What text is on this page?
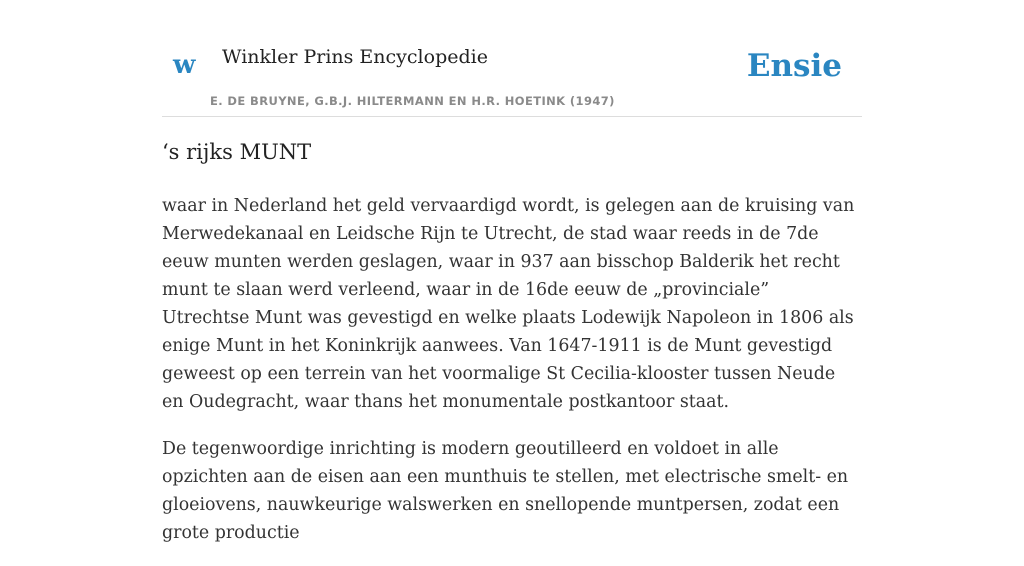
w Winkler Prins Encyclopedie
E. DE BRUYNE, G.B.J. HILTERMANN EN H.R. HOETINK (1947)
Ensie
‘s rijks MUNT

waar in Nederland het geld vervaardigd wordt, is gelegen aan de kruising van Merwedekanaal en Leidsche Rijn te Utrecht, de stad waar reeds in de 7de eeuw munten werden geslagen, waar in 937 aan bisschop Balderik het recht munt te slaan werd verleend, waar in de 16de eeuw de „provinciale” Utrechtse Munt was gevestigd en welke plaats Lodewijk Napoleon in 1806 als enige Munt in het Koninkrijk aanwees. Van 1647-1911 is de Munt gevestigd geweest op een terrein van het voormalige St Cecilia-klooster tussen Neude en Oudegracht, waar thans het monumentale postkantoor staat.

De tegenwoordige inrichting is modern geoutilleerd en voldoet in alle opzichten aan de eisen aan een munthuis te stellen, met electrische smelt- en gloeiovens, nauwkeurige walswerken en snellopende muntpersen, zodat een grote productie
